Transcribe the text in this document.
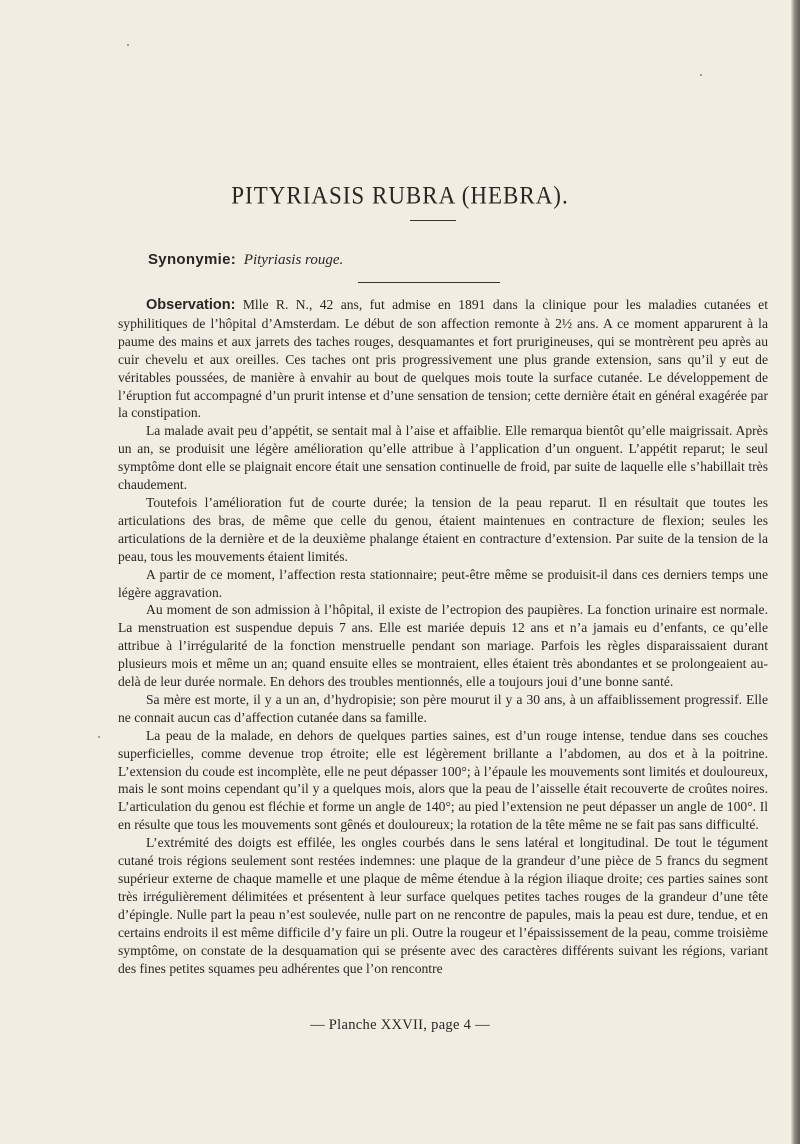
PITYRIASIS RUBRA (HEBRA).
Synonymie: Pityriasis rouge.

Observation: Mlle R. N., 42 ans, fut admise en 1891 dans la clinique pour les maladies cutanées et syphilitiques de l’hôpital d’Amsterdam. Le début de son affection remonte à 2½ ans. A ce moment apparurent à la paume des mains et aux jarrets des taches rouges, desquamantes et fort prurigineuses, qui se montrèrent peu après au cuir chevelu et aux oreilles. Ces taches ont pris progressivement une plus grande extension, sans qu’il y eut de véritables poussées, de manière à envahir au bout de quelques mois toute la surface cutanée. Le développement de l’éruption fut accompagné d’un prurit intense et d’une sensation de tension; cette dernière était en général exagérée par la constipation.

La malade avait peu d’appétit, se sentait mal à l’aise et affaiblie. Elle remarqua bientôt qu’elle maigrissait. Après un an, se produisit une légère amélioration qu’elle attribue à l’application d’un onguent. L’appétit reparut; le seul symptôme dont elle se plaignait encore était une sensation continuelle de froid, par suite de laquelle elle s’habillait très chaudement.

Toutefois l’amélioration fut de courte durée; la tension de la peau reparut. Il en résultait que toutes les articulations des bras, de même que celle du genou, étaient maintenues en contracture de flexion; seules les articulations de la dernière et de la deuxième phalange étaient en contracture d’extension. Par suite de la tension de la peau, tous les mouvements étaient limités.

A partir de ce moment, l’affection resta stationnaire; peut-être même se produisit-il dans ces derniers temps une légère aggravation.

Au moment de son admission à l’hôpital, il existe de l’ectropion des paupières. La fonction urinaire est normale. La menstruation est suspendue depuis 7 ans. Elle est mariée depuis 12 ans et n’a jamais eu d’enfants, ce qu’elle attribue à l’irrégularité de la fonction menstruelle pendant son mariage. Parfois les règles disparaissaient durant plusieurs mois et même un an; quand ensuite elles se montraient, elles étaient très abondantes et se prolongeaient au-delà de leur durée normale. En dehors des troubles mentionnés, elle a toujours joui d’une bonne santé.

Sa mère est morte, il y a un an, d’hydropisie; son père mourut il y a 30 ans, à un affaiblissement progressif. Elle ne connait aucun cas d’affection cutanée dans sa famille.

La peau de la malade, en dehors de quelques parties saines, est d’un rouge intense, tendue dans ses couches superficielles, comme devenue trop étroite; elle est légèrement brillante a l’abdomen, au dos et à la poitrine. L’extension du coude est incomplète, elle ne peut dépasser 100°; à l’épaule les mouvements sont limités et douloureux, mais le sont moins cependant qu’il y a quelques mois, alors que la peau de l’aisselle était recouverte de croûtes noires. L’articulation du genou est fléchie et forme un angle de 140°; au pied l’extension ne peut dépasser un angle de 100°. Il en résulte que tous les mouvements sont gênés et douloureux; la rotation de la tête même ne se fait pas sans difficulté.

L’extrémité des doigts est effilée, les ongles courbés dans le sens latéral et longitudinal. De tout le tégument cutané trois régions seulement sont restées indemnes: une plaque de la grandeur d’une pièce de 5 francs du segment supérieur externe de chaque mamelle et une plaque de même étendue à la région iliaque droite; ces parties saines sont très irrégulièrement délimitées et présentent à leur surface quelques petites taches rouges de la grandeur d’une tête d’épingle. Nulle part la peau n’est soulevée, nulle part on ne rencontre de papules, mais la peau est dure, tendue, et en certains endroits il est même difficile d’y faire un pli. Outre la rougeur et l’épaississement de la peau, comme troisième symptôme, on constate de la desquamation qui se présente avec des caractères différents suivant les régions, variant des fines petites squames peu adhérentes que l’on rencontre

— Planche XXVII, page 4 —
